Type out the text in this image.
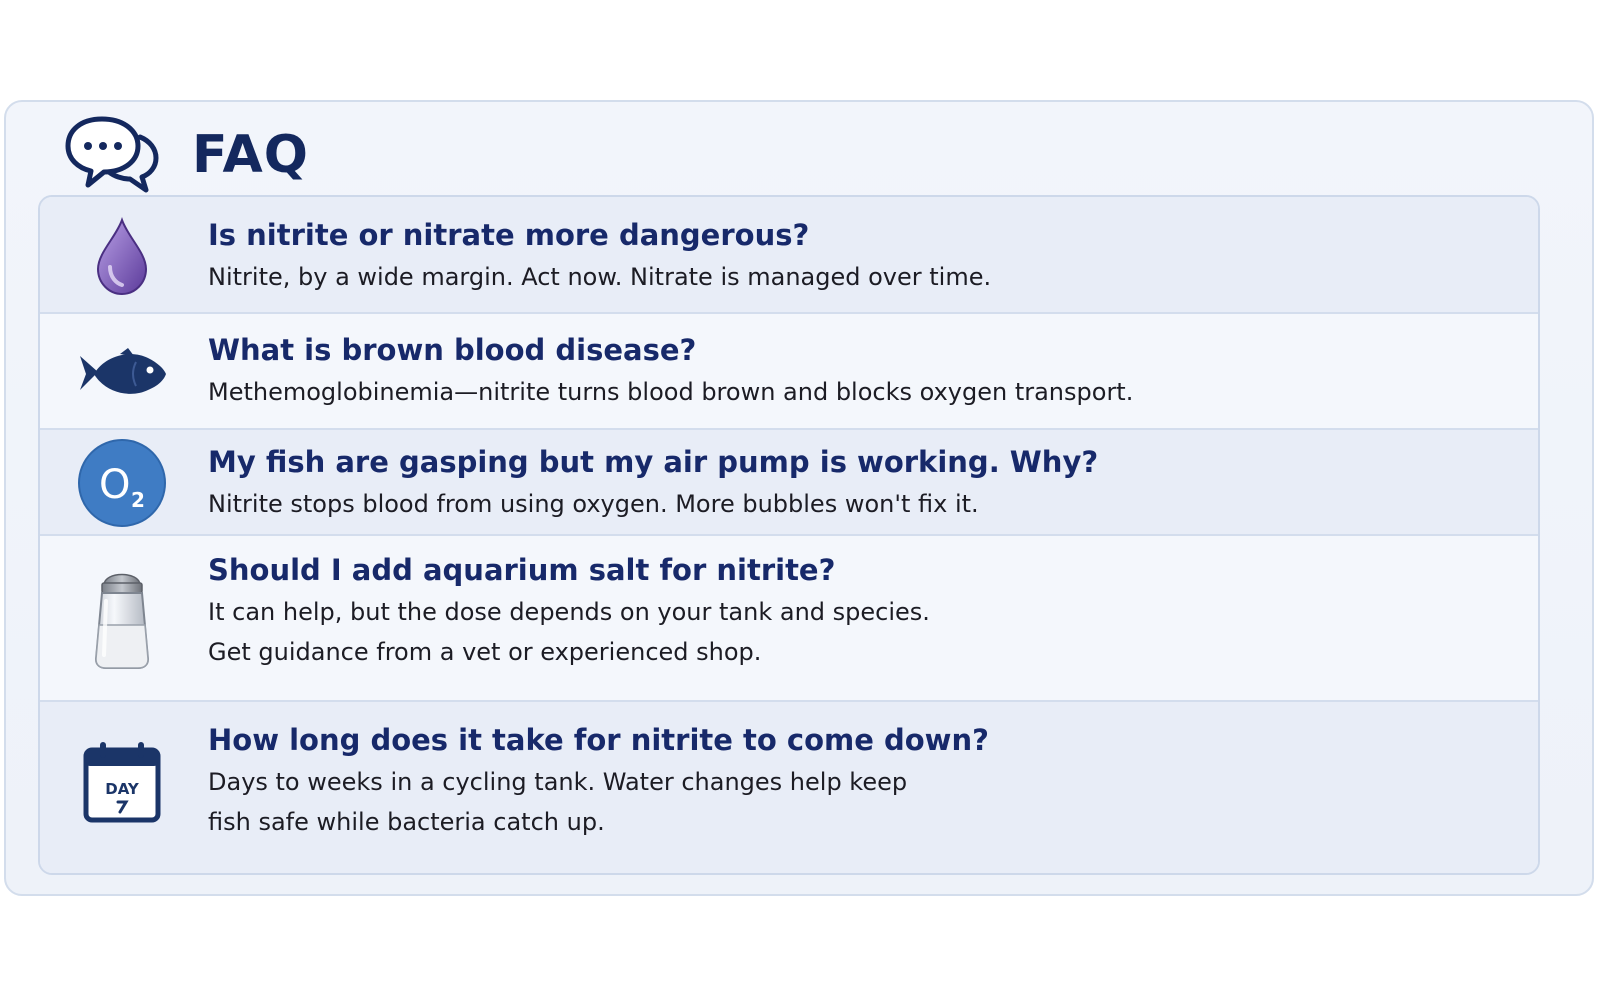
FAQ
Is nitrite or nitrate more dangerous?
Nitrite, by a wide margin. Act now. Nitrate is managed over time.
What is brown blood disease?
Methemoglobinemia—nitrite turns blood brown and blocks oxygen transport.
O 2
My fish are gasping but my air pump is working. Why?
Nitrite stops blood from using oxygen. More bubbles won't fix it.
Should I add aquarium salt for nitrite?
It can help, but the dose depends on your tank and species.
Get guidance from a vet or experienced shop.
DAY
How long does it take for nitrite to come down?
Days to weeks in a cycling tank. Water changes help keep
fish safe while bacteria catch up.
